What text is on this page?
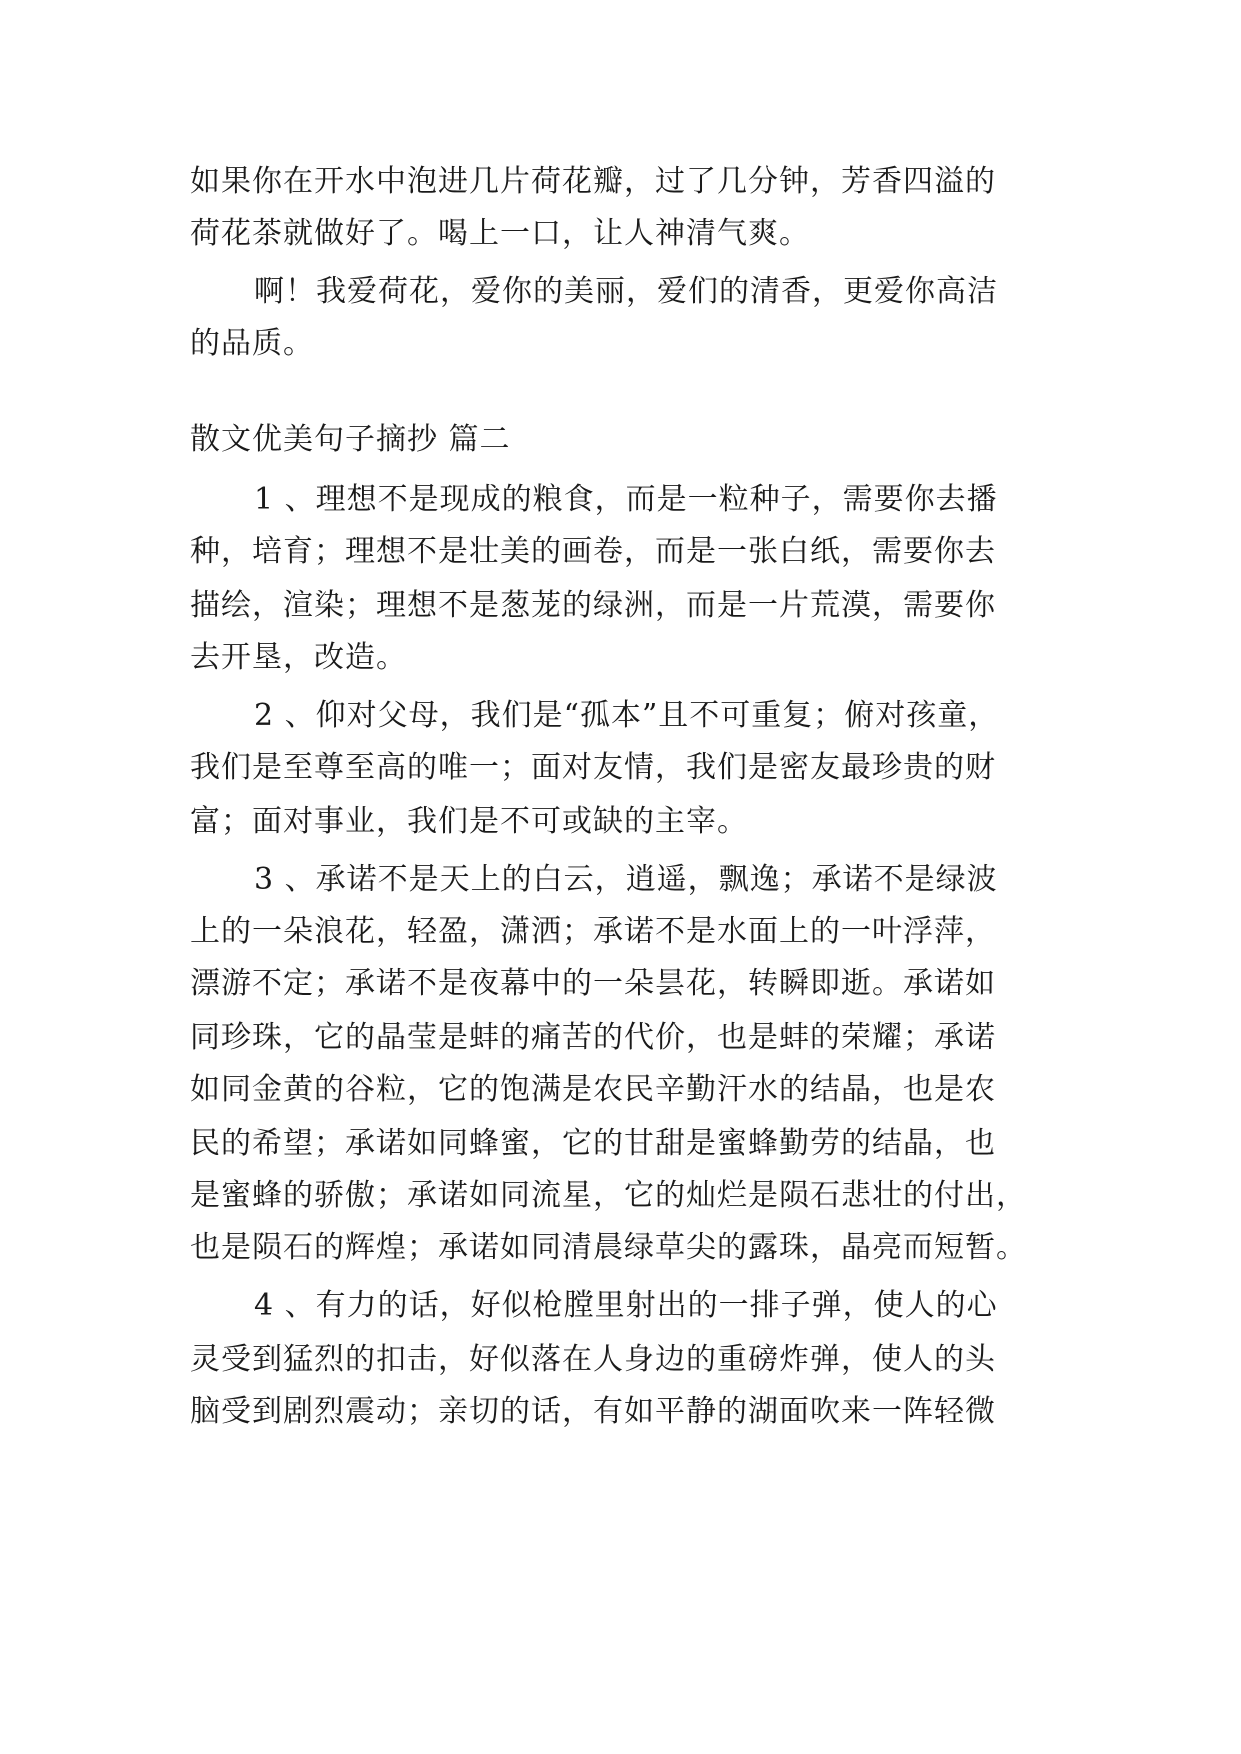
如果你在开水中泡进几片荷花瓣，过了几分钟，芳香四溢的
荷花茶就做好了。喝上一口，让人神清气爽。
啊！我爱荷花，爱你的美丽，爱们的清香，更爱你高洁
的品质。
散文优美句子摘抄 篇二
1 、理想不是现成的粮食，而是一粒种子，需要你去播
种，培育；理想不是壮美的画卷，而是一张白纸，需要你去
描绘，渲染；理想不是葱茏的绿洲，而是一片荒漠，需要你
去开垦，改造。
2 、仰对父母，我们是“孤本”且不可重复；俯对孩童，
我们是至尊至高的唯一；面对友情，我们是密友最珍贵的财
富；面对事业，我们是不可或缺的主宰。
3 、承诺不是天上的白云，逍遥，飘逸；承诺不是绿波
上的一朵浪花，轻盈，潇洒；承诺不是水面上的一叶浮萍，
漂游不定；承诺不是夜幕中的一朵昙花，转瞬即逝。承诺如
同珍珠，它的晶莹是蚌的痛苦的代价，也是蚌的荣耀；承诺
如同金黄的谷粒，它的饱满是农民辛勤汗水的结晶，也是农
民的希望；承诺如同蜂蜜，它的甘甜是蜜蜂勤劳的结晶，也
是蜜蜂的骄傲；承诺如同流星，它的灿烂是陨石悲壮的付出，
也是陨石的辉煌；承诺如同清晨绿草尖的露珠，晶亮而短暂。
4 、有力的话，好似枪膛里射出的一排子弹，使人的心
灵受到猛烈的扣击，好似落在人身边的重磅炸弹，使人的头
脑受到剧烈震动；亲切的话，有如平静的湖面吹来一阵轻微
